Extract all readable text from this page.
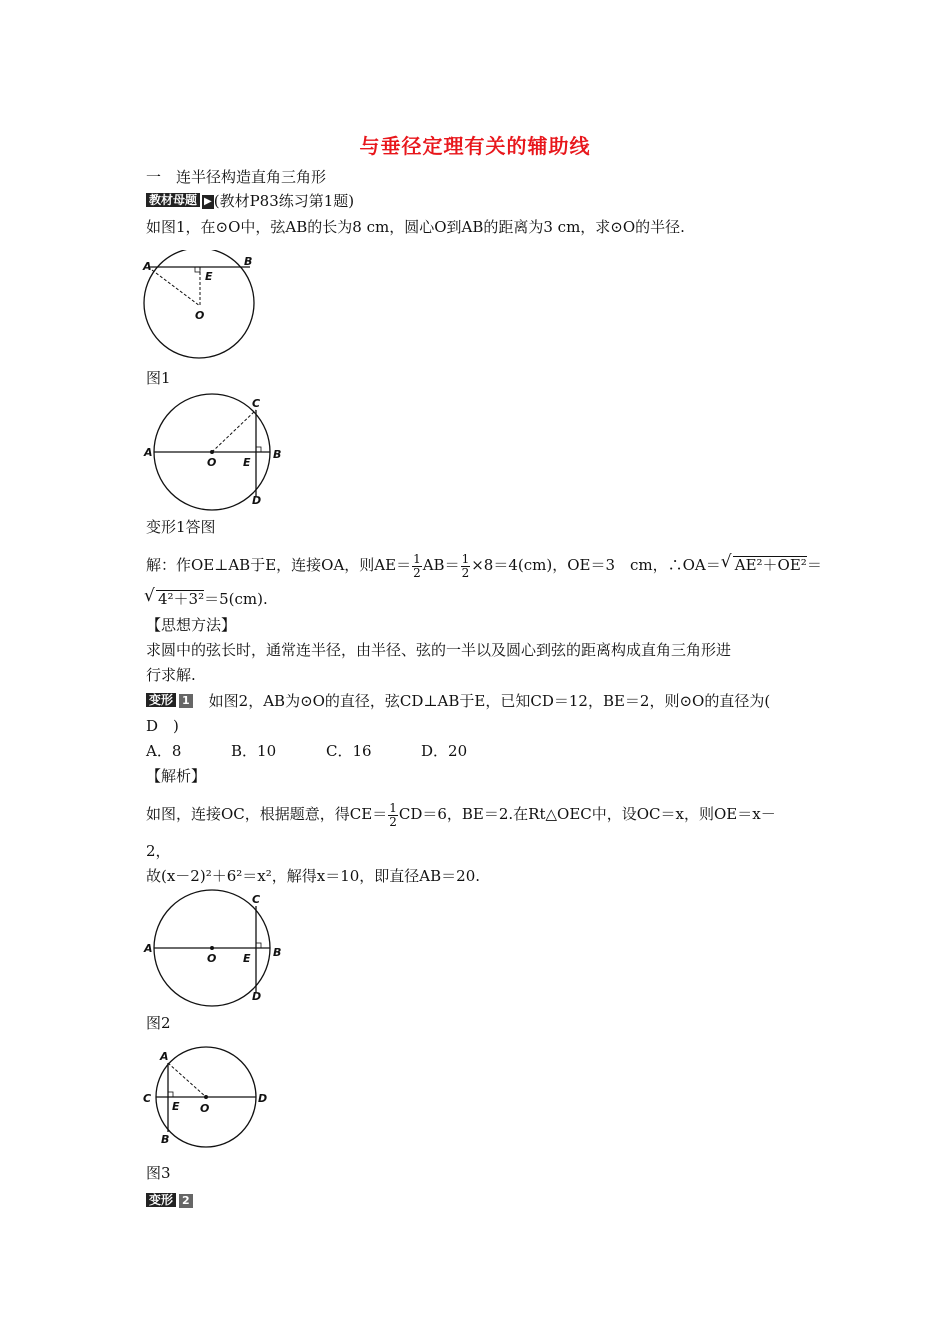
与垂径定理有关的辅助线
一　连半径构造直角三角形
教材母题 ▶ (教材P83练习第1题)
如图1，在⊙O中，弦AB的长为8 cm，圆心O到AB的距离为3 cm，求⊙O的半径.
A	B
E
O
图1
A	B
C
D
E
O
变形1答图
解：作OE⊥AB于E，连接OA，则$AE= \frac{1}{2} AB= \frac{1}{2} \times 8=4(cm)$，OE＝3　cm，∴OA＝√ AE²＋OE²＝
√ 4²＋3²＝5(cm).
【思想方法】
求圆中的弦长时，通常连半径，由半径、弦的一半以及圆心到弦的距离构成直角三角形进
行求解.
变形 1 如图2，AB为⊙O的直径，弦CD⊥AB于E，已知CD＝12，BE＝2，则⊙O的直径为(
D　)
A．8	B．10	C．16	D．20
【解析】
如图，连接OC，根据题意，得$CE= \frac{1}{2} CD=6$，BE＝2.在Rt△OEC中，设OC＝x，则OE＝x－
2，
故(x－2)²＋6²＝x²，解得x＝10，即直径AB＝20.
A	B
C
D
E
O
图2
A
B
C	D
E O
图3
变形 2
